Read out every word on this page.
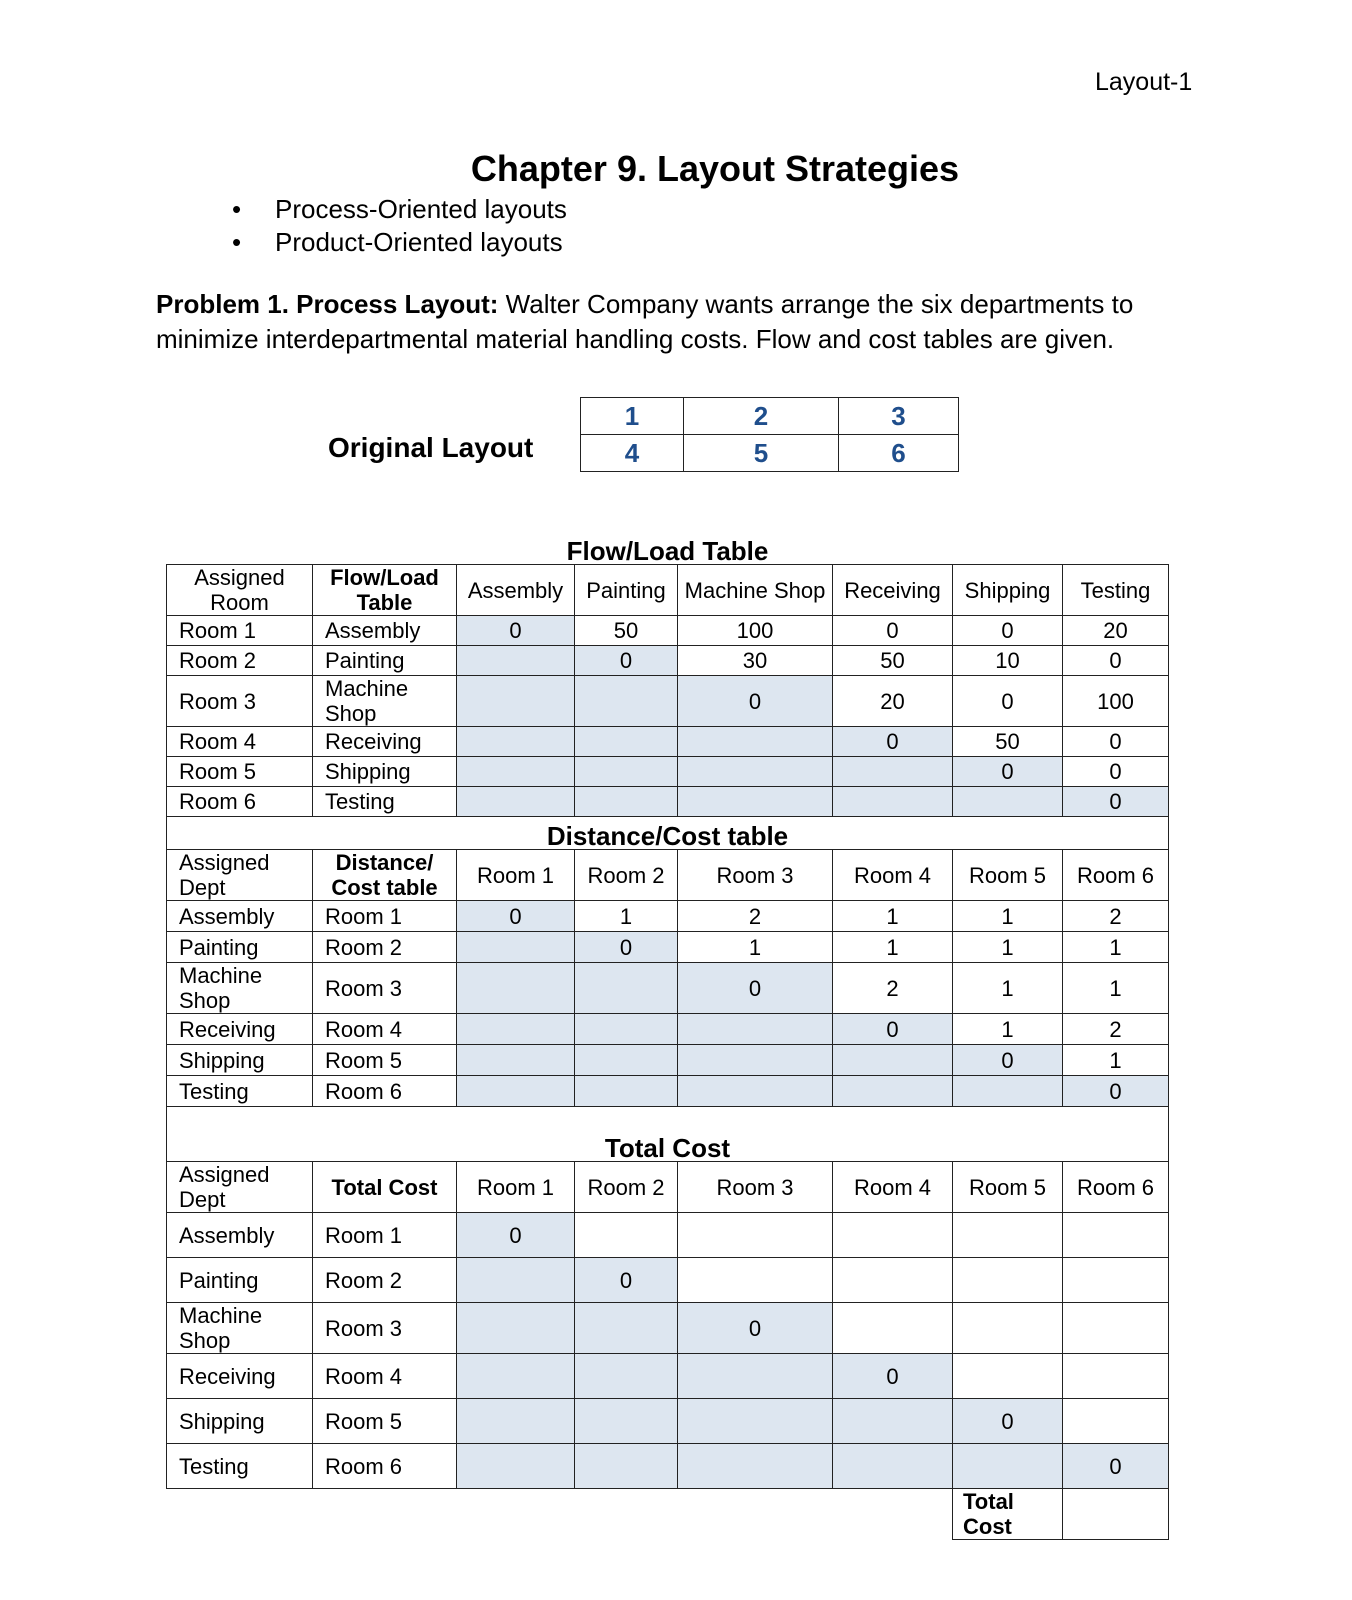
Layout-1
Chapter 9. Layout Strategies
• Process-Oriented layouts
• Product-Oriented layouts
Problem 1. Process Layout: Walter Company wants arrange the six departments to minimize interdepartmental material handling costs. Flow and cost tables are given.
Original Layout
1	2	3
4	5	6
Flow/Load Table							
Assigned Room	Flow/Load Table	Assembly	Painting	Machine Shop	Receiving	Shipping	Testing
Room 1	Assembly	0	50	100	0	0	20
Room 2	Painting		0	30	50	10	0
Room 3	Machine Shop			0	20	0	100
Room 4	Receiving				0	50	0
Room 5	Shipping					0	0
Room 6	Testing						0
Distance/Cost table							
Assigned Dept	Distance/ Cost table	Room 1	Room 2	Room 3	Room 4	Room 5	Room 6
Assembly	Room 1	0	1	2	1	1	2
Painting	Room 2		0	1	1	1	1
Machine Shop	Room 3			0	2	1	1
Receiving	Room 4				0	1	2
Shipping	Room 5					0	1
Testing	Room 6						0
Total Cost							
Assigned Dept	Total Cost	Room 1	Room 2	Room 3	Room 4	Room 5	Room 6
Assembly	Room 1	0					
Painting	Room 2		0				
Machine Shop	Room 3			0			
Receiving	Room 4				0		
Shipping	Room 5					0	
Testing	Room 6						0
						Total Cost	
